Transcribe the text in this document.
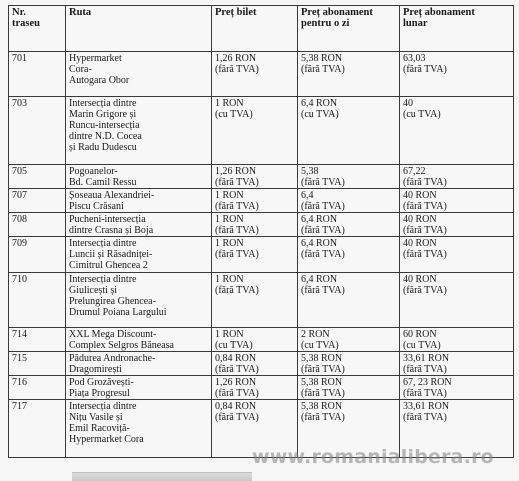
Nr.
traseu	Ruta	Preț bilet	Preț abonament
pentru o zi	Preț abonament
lunar

701	Hypermarket
Cora-
Autogara Obor	1,26 RON
(fără TVA)	5,38 RON
(fără TVA)	63,03
(fără TVA)

703	Intersecția dintre
Marin Grigore și
Runcu-intersecția
dintre N.D. Cocea
și Radu Dudescu	1 RON
(cu TVA)	6,4 RON
(cu TVA)	40
(cu TVA)

705	Pogoanelor-
Bd. Camil Ressu	1,26 RON
(fără TVA)	5,38
(fără TVA)	67,22
(fără TVA)

707	Șoseaua Alexandriei-
Piscu Crăsani	1 RON
(fără TVA)	6,4
(fără TVA)	40 RON
(fără TVA)

708	Pucheni-intersecția
dintre Crasna și Boja	1 RON
(fără TVA)	6,4 RON
(fără TVA)	40 RON
(fără TVA)

709	Intersecția dintre
Luncii și Răsadniței-
Cimitrul Ghencea 2	1 RON
(fără TVA)	6,4 RON
(fără TVA)	40 RON
(fără TVA)

710	Intersecția dintre
Giulicești și
Prelungirea Ghencea-
Drumul Poiana Largului	1 RON
(fără TVA)	6,4 RON
(fără TVA)	40 RON
(fără TVA)

714	XXL Mega Discount-
Complex Selgros Băneasa	1 RON
(cu TVA)	2 RON
(cu TVA)	60 RON
(cu TVA)

715	Pădurea Andronache-
Dragomirești	0,84 RON
(fără TVA)	5,38 RON
(fără TVA)	33,61 RON
(fără TVA)

716	Pod Grozăvești-
Piața Progresul	1,26 RON
(fără TVA)	5,38 RON
(fără TVA)	67, 23 RON
(fără TVA)

717	Intersecția dintre
Nițu Vasile și
Emil Racoviță-
Hypermarket Cora	0,84 RON
(fără TVA)	5,38 RON
(fără TVA)	33,61 RON
(fără TVA)
www.romanialibera.ro
